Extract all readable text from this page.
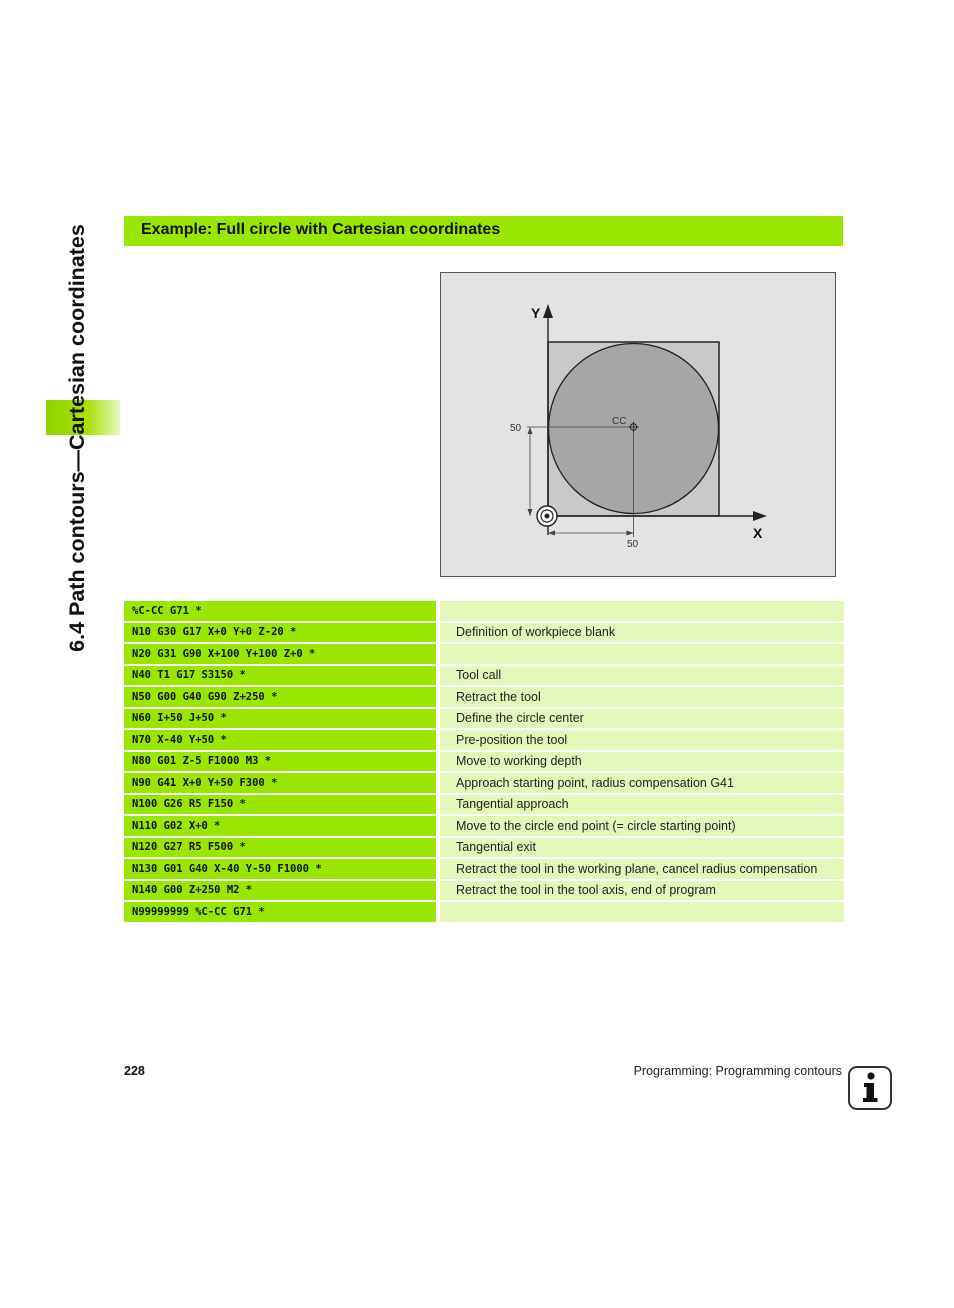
6.4 Path contours—Cartesian coordinates	Example: Full circle with Cartesian coordinates
Y
X
CC
50
50
%C-CC G71 *		
N10 G30 G17 X+0 Y+0 Z-20 *		Definition of workpiece blank
N20 G31 G90 X+100 Y+100 Z+0 *		
N40 T1 G17 S3150 *		Tool call
N50 G00 G40 G90 Z+250 *		Retract the tool
N60 I+50 J+50 *		Define the circle center
N70 X-40 Y+50 *		Pre-position the tool
N80 G01 Z-5 F1000 M3 *		Move to working depth
N90 G41 X+0 Y+50 F300 *		Approach starting point, radius compensation G41
N100 G26 R5 F150 *		Tangential approach
N110 G02 X+0 *		Move to the circle end point (= circle starting point)
N120 G27 R5 F500 *		Tangential exit
N130 G01 G40 X-40 Y-50 F1000 *		Retract the tool in the working plane, cancel radius compensation
N140 G00 Z+250 M2 *		Retract the tool in the tool axis, end of program
N99999999 %C-CC G71 *		
228	Programming: Programming contours
